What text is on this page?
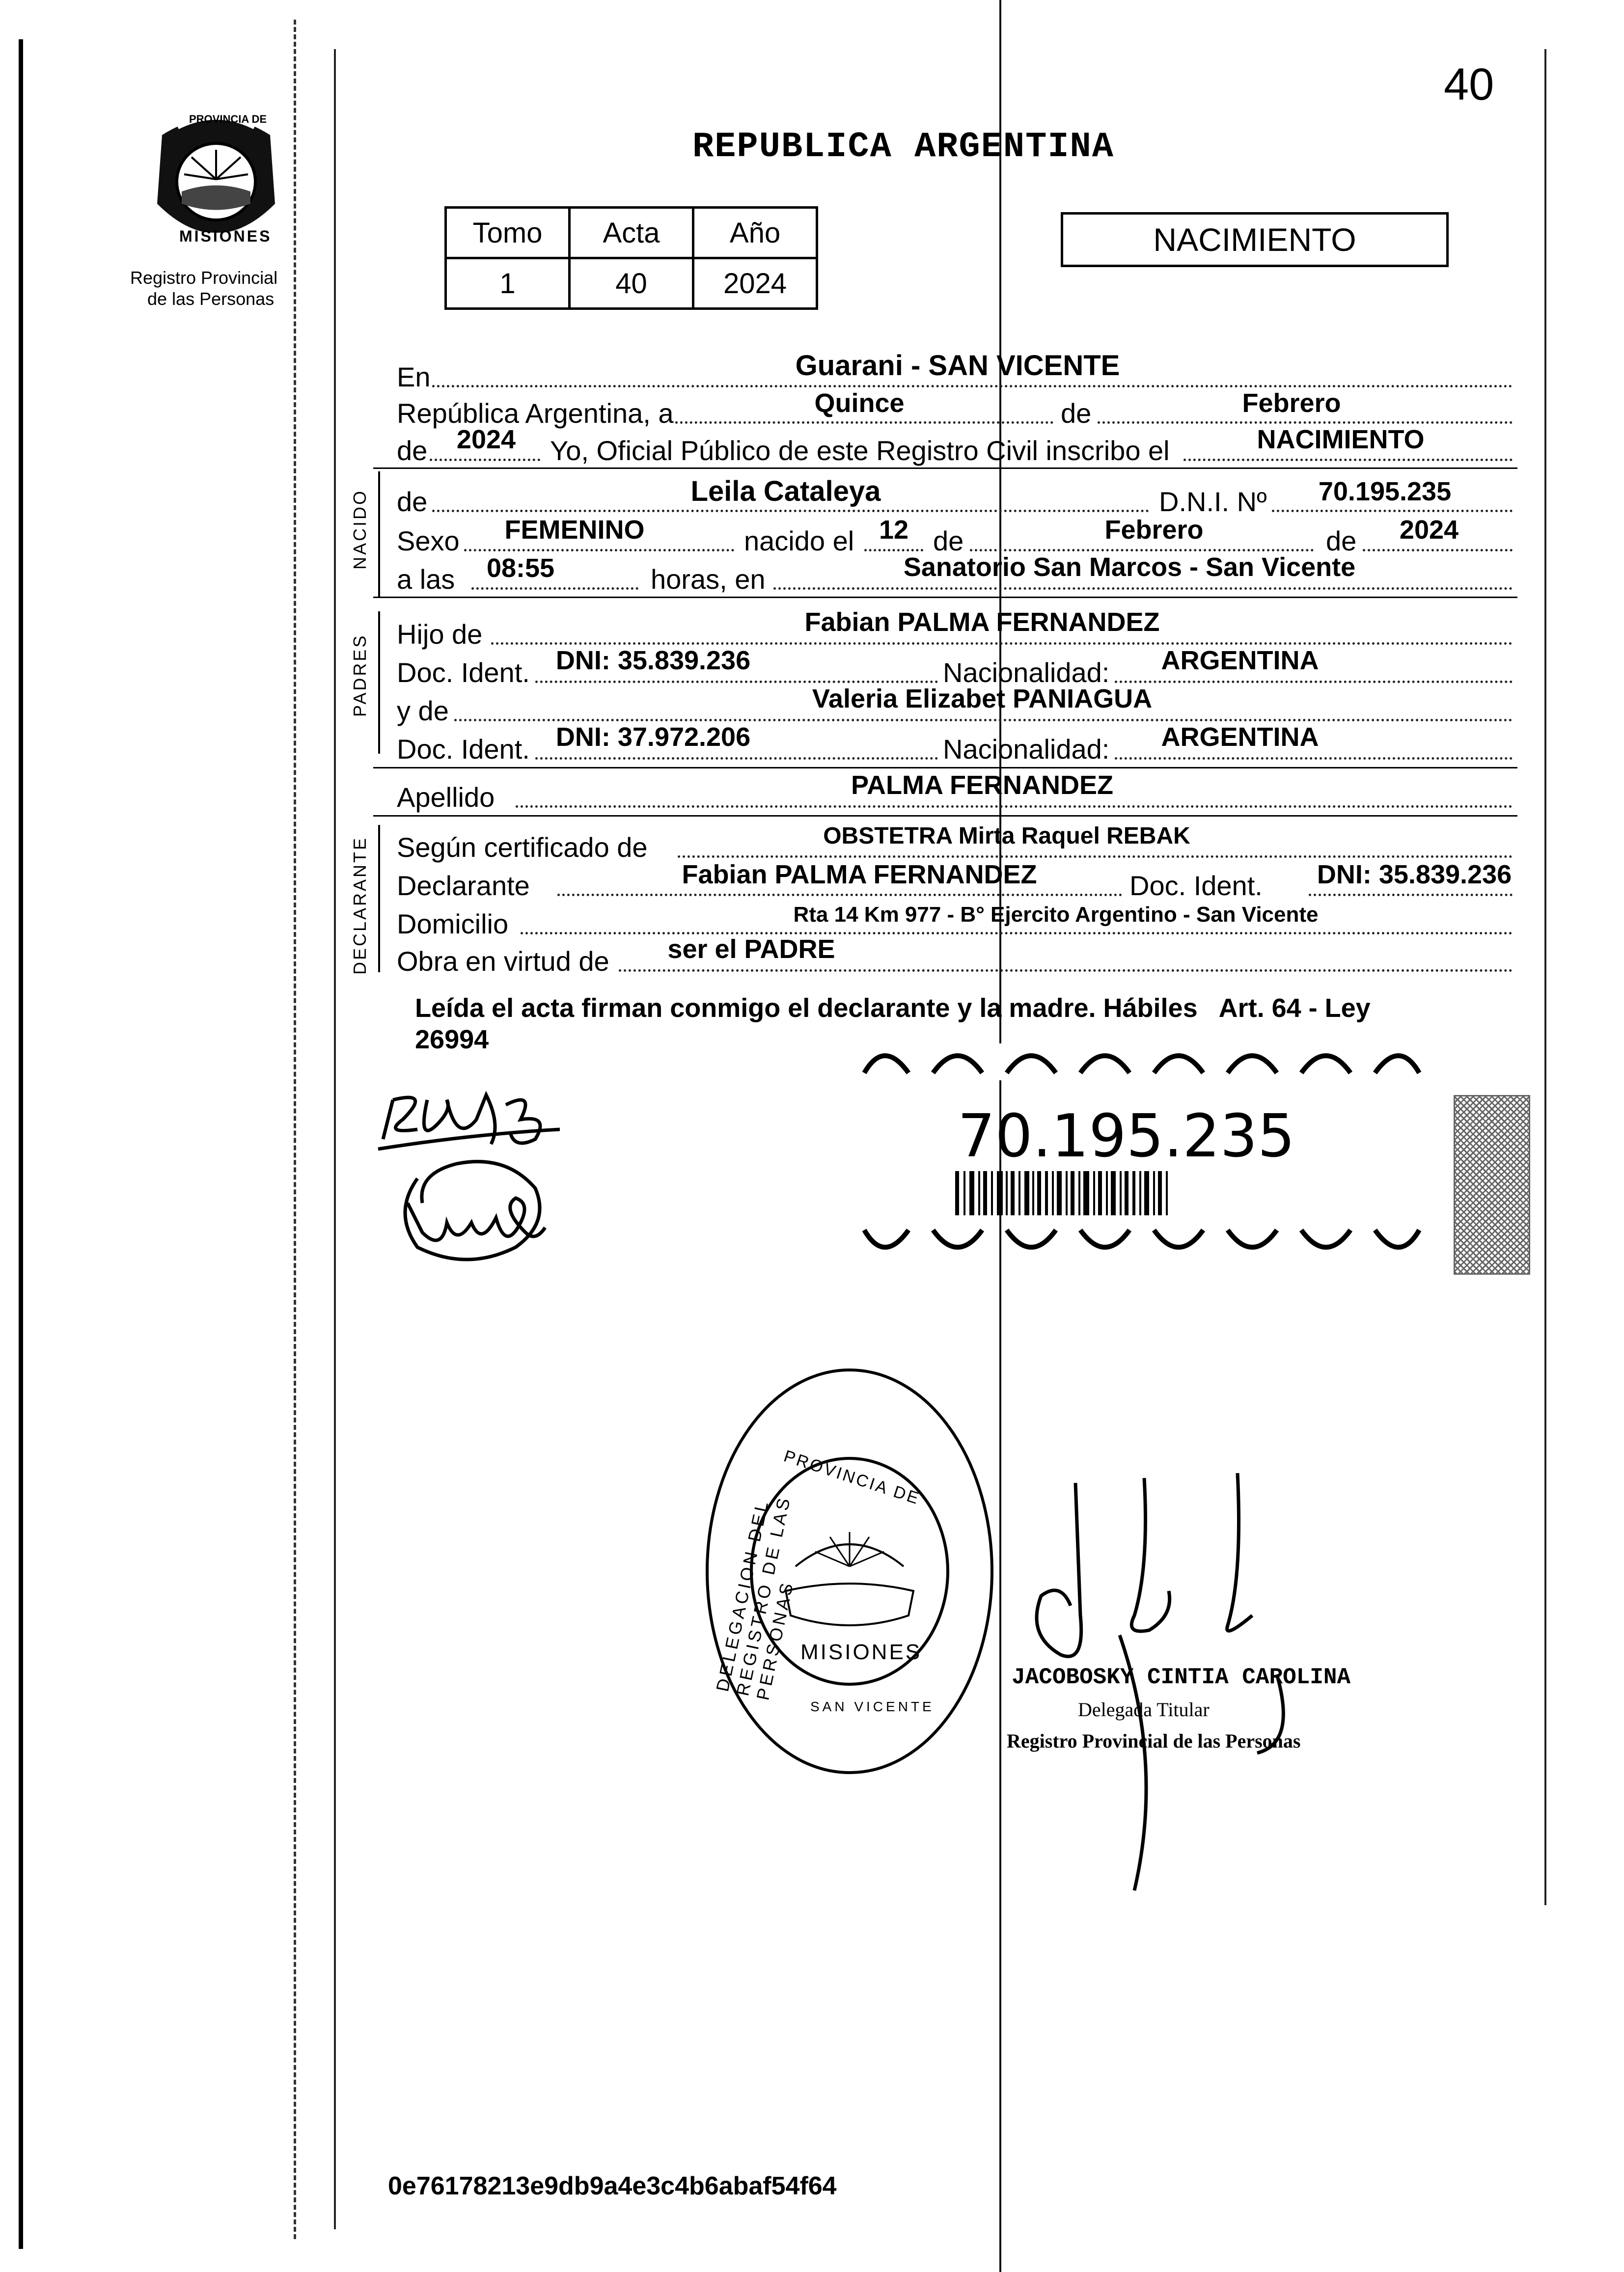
40
PROVINCIA DE
MISIONES
Registro Provincial
de las Personas
REPUBLICA ARGENTINA
Tomo	Acta	Año
1	40	2024
NACIMIENTO
En	Guarani - SAN VICENTE
República Argentina, a	Quince	de	Febrero
de	2024	Yo, Oficial Público de este Registro Civil inscribo el	NACIMIENTO
NACIDO de	Leila Cataleya	D.N.I. Nº	70.195.235
Sexo	FEMENINO	nacido el 12 de	Febrero	de	2024
a las	08:55	horas, en	Sanatorio San Marcos - San Vicente
PADRES Hijo de	Fabian PALMA FERNANDEZ
Doc. Ident. DNI: 35.839.236	Nacionalidad:	ARGENTINA
y de	Valeria Elizabet PANIAGUA
Doc. Ident. DNI: 37.972.206	Nacionalidad:	ARGENTINA
Apellido	PALMA FERNANDEZ
DECLARANTE Según certificado de	OBSTETRA Mirta Raquel REBAK
Declarante	Fabian PALMA FERNANDEZ	Doc. Ident.	DNI: 35.839.236
Domicilio	Rta 14 Km 977 - B° Ejercito Argentino - San Vicente
Obra en virtud de	ser el PADRE
Leída el acta firman conmigo el declarante y la madre. Hábiles   Art. 64 - Ley
26994
70.195.235
PROVINCIA DE
MISIONES
DELEGACION DEL REGISTRO DE LAS PERSONAS
SAN VICENTE
JACOBOSKY CINTIA CAROLINA
Delegada Titular
Registro Provincial de las Personas
0e76178213e9db9a4e3c4b6abaf54f64
